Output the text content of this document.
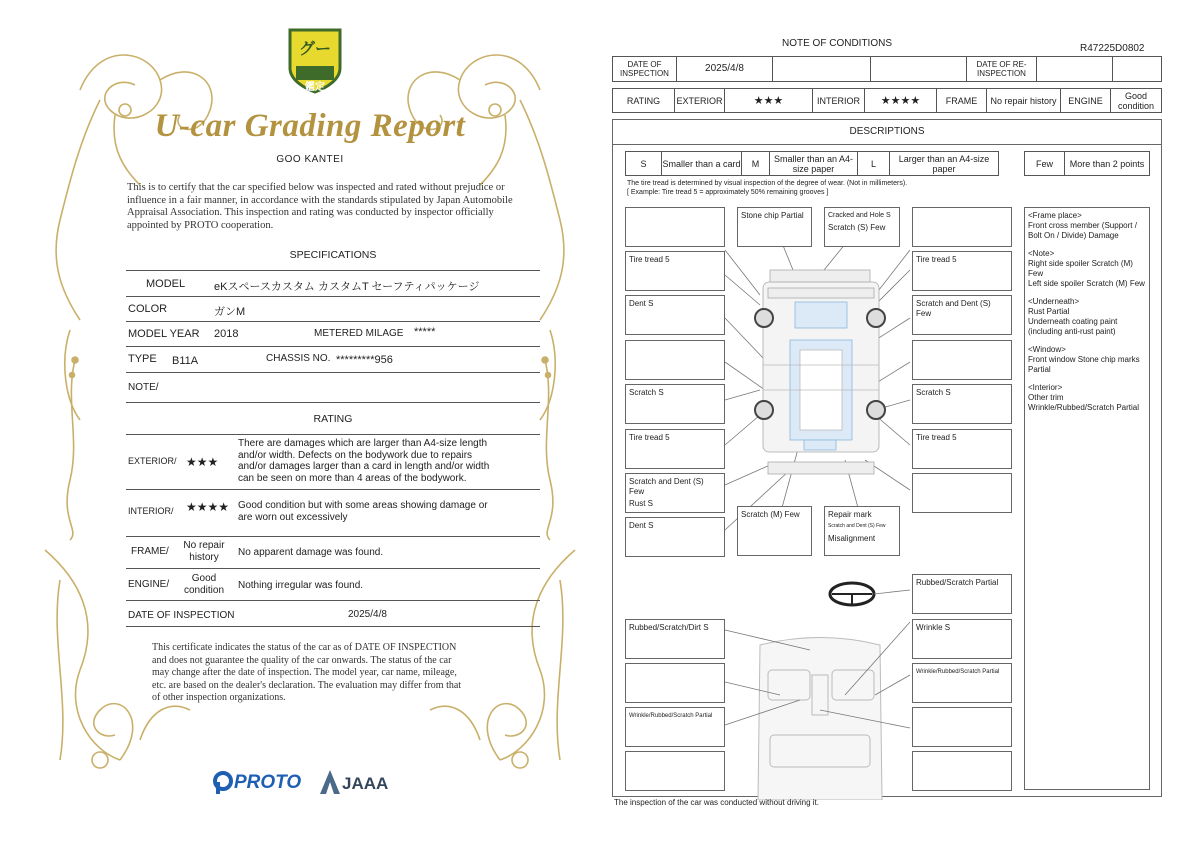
グー
鑑定
U-car Grading Report
GOO KANTEI
This is to certify that the car specified below was inspected and rated without prejudice or influence in a fair manner, in accordance with the standards stipulated by Japan Automobile Appraisal Association. This inspection and rating was conducted by inspector officially appointed by PROTO cooperation.
SPECIFICATIONS
MODEL	eKスペースカスタム カスタムT セーフティパッケージ
COLOR	ガンM
MODEL YEAR 2018	METERED MILAGE *****
TYPE B11A	CHASSIS NO. *********956
NOTE/
RATING
EXTERIOR/ ★★★
There are damages which are larger than A4-size length and/or width. Defects on the bodywork due to repairs and/or damages larger than a card in length and/or width can be seen on more than 4 areas of the bodywork.
INTERIOR/ ★★★★ Good condition but with some areas showing damage or are worn out excessively
FRAME/
No repair history	No apparent damage was found.
ENGINE/
Good condition	Nothing irregular was found.
DATE OF INSPECTION	2025/4/8
This certificate indicates the status of the car as of DATE OF INSPECTION and does not guarantee the quality of the car onwards. The status of the car may change after the date of inspection. The model year, car name, mileage, etc. are based on the dealer's declaration. The evaluation may differ from that of other inspection organizations.
PROTO JAAA
NOTE OF CONDITIONS	R47225D0802
DATE OF INSPECTION	2025/4/8	DATE OF RE-INSPECTION
RATING	EXTERIOR	★★★	INTERIOR	★★★★	FRAME	No repair history	ENGINE	Good condition
DESCRIPTIONS
S	Smaller than a card	M	Smaller than an A4-size paper	L	Larger than an A4-size paper	Few	More than 2 points
The tire tread is determined by visual inspection of the degree of wear. (Not in millimeters).
[ Example: Tire tread 5 = approximately 50% remaining grooves ]
<Frame place>
Front cross member (Support / Bolt On / Divide) Damage
<Note>
Right side spoiler Scratch (M) Few
Left side spoiler Scratch (M) Few
<Underneath>
Rust Partial
Underneath coating paint (including anti-rust paint)
<Window>
Front window Stone chip marks Partial
<Interior>
Other trim
Wrinkle/Rubbed/Scratch Partial
Tire tread 5
Dent S
Scratch S
Tire tread 5
Scratch and Dent (S) Few
Rust S
Dent S
Rubbed/Scratch/Dirt S
Wrinkle/Rubbed/Scratch Partial
Stone chip Partial	Cracked and Hole S
Scratch (S) Few
Scratch (M) Few	Repair mark
Scratch and Dent (S) Few
Misalignment
Tire tread 5
Scratch and Dent (S) Few
Scratch S
Tire tread 5
Rubbed/Scratch Partial
Wrinkle S
Wrinkle/Rubbed/Scratch Partial
The inspection of the car was conducted without driving it.
